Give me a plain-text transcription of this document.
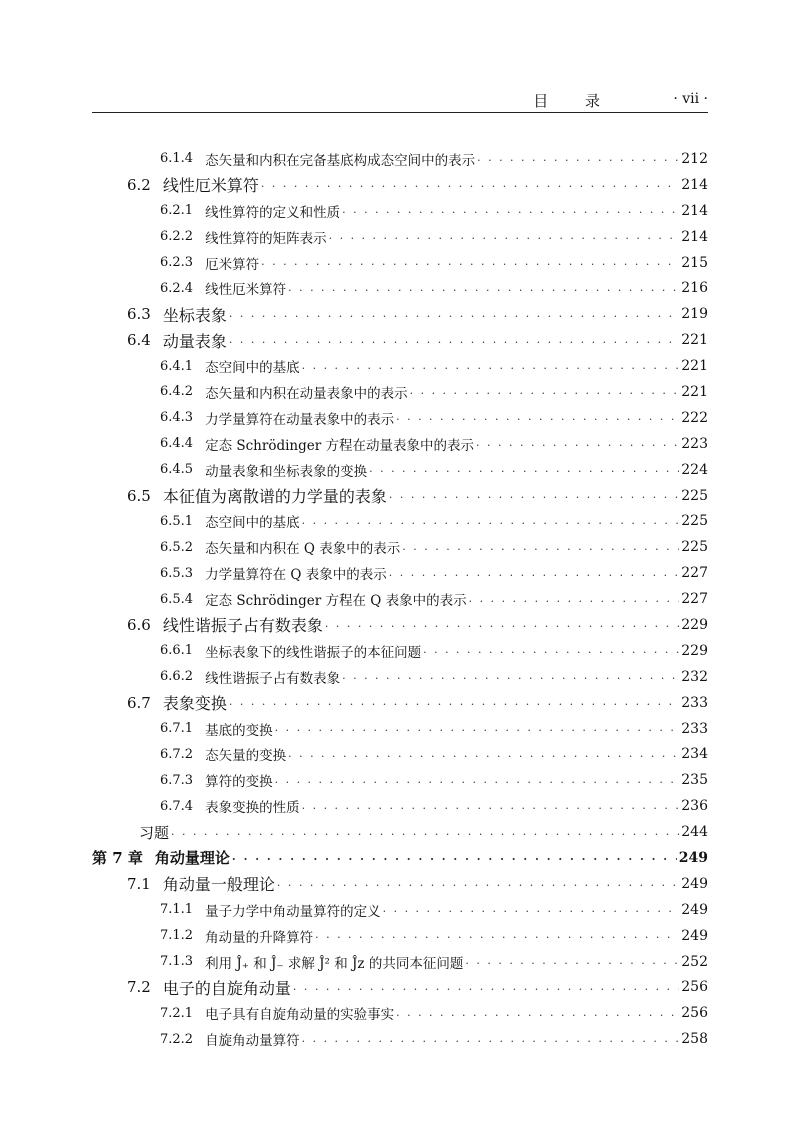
目 录	· vii ·
6.1.4 态矢量和内积在完备基底构成态空间中的表示 · · ·	212
6.2 线性厄米算符 · · ·	214
6.2.1 线性算符的定义和性质 · · ·	214
6.2.2 线性算符的矩阵表示 · · ·	214
6.2.3 厄米算符 · · ·	215
6.2.4 线性厄米算符 · · ·	216
6.3 坐标表象 · · ·	219
6.4 动量表象 · · ·	221
6.4.1 态空间中的基底 · · ·	221
6.4.2 态矢量和内积在动量表象中的表示 · · ·	221
6.4.3 力学量算符在动量表象中的表示 · · ·	222
6.4.4 定态 Schrödinger 方程在动量表象中的表示 · · ·	223
6.4.5 动量表象和坐标表象的变换 · · ·	224
6.5 本征值为离散谱的力学量的表象 · · ·	225
6.5.1 态空间中的基底 · · ·	225
6.5.2 态矢量和内积在 Q 表象中的表示 · · ·	225
6.5.3 力学量算符在 Q 表象中的表示 · · ·	227
6.5.4 定态 Schrödinger 方程在 Q 表象中的表示 · · ·	227
6.6 线性谐振子占有数表象 · · ·	229
6.6.1 坐标表象下的线性谐振子的本征问题 · · ·	229
6.6.2 线性谐振子占有数表象 · · ·	232
6.7 表象变换 · · ·	233
6.7.1 基底的变换 · · ·	233
6.7.2 态矢量的变换 · · ·	234
6.7.3 算符的变换 · · ·	235
6.7.4 表象变换的性质 · · ·	236
习题 · · ·	244
第 7 章 角动量理论 · · ·	249
7.1 角动量一般理论 · · ·	249
7.1.1 量子力学中角动量算符的定义 · · ·	249
7.1.2 角动量的升降算符 · · ·	249
7.1.3 利用 Ĵ₊ 和 Ĵ₋ 求解 Ĵ² 和 Ĵz 的共同本征问题 · · ·	252
7.2 电子的自旋角动量 · · ·	256
7.2.1 电子具有自旋角动量的实验事实 · · ·	256
7.2.2 自旋角动量算符 · · ·	258
